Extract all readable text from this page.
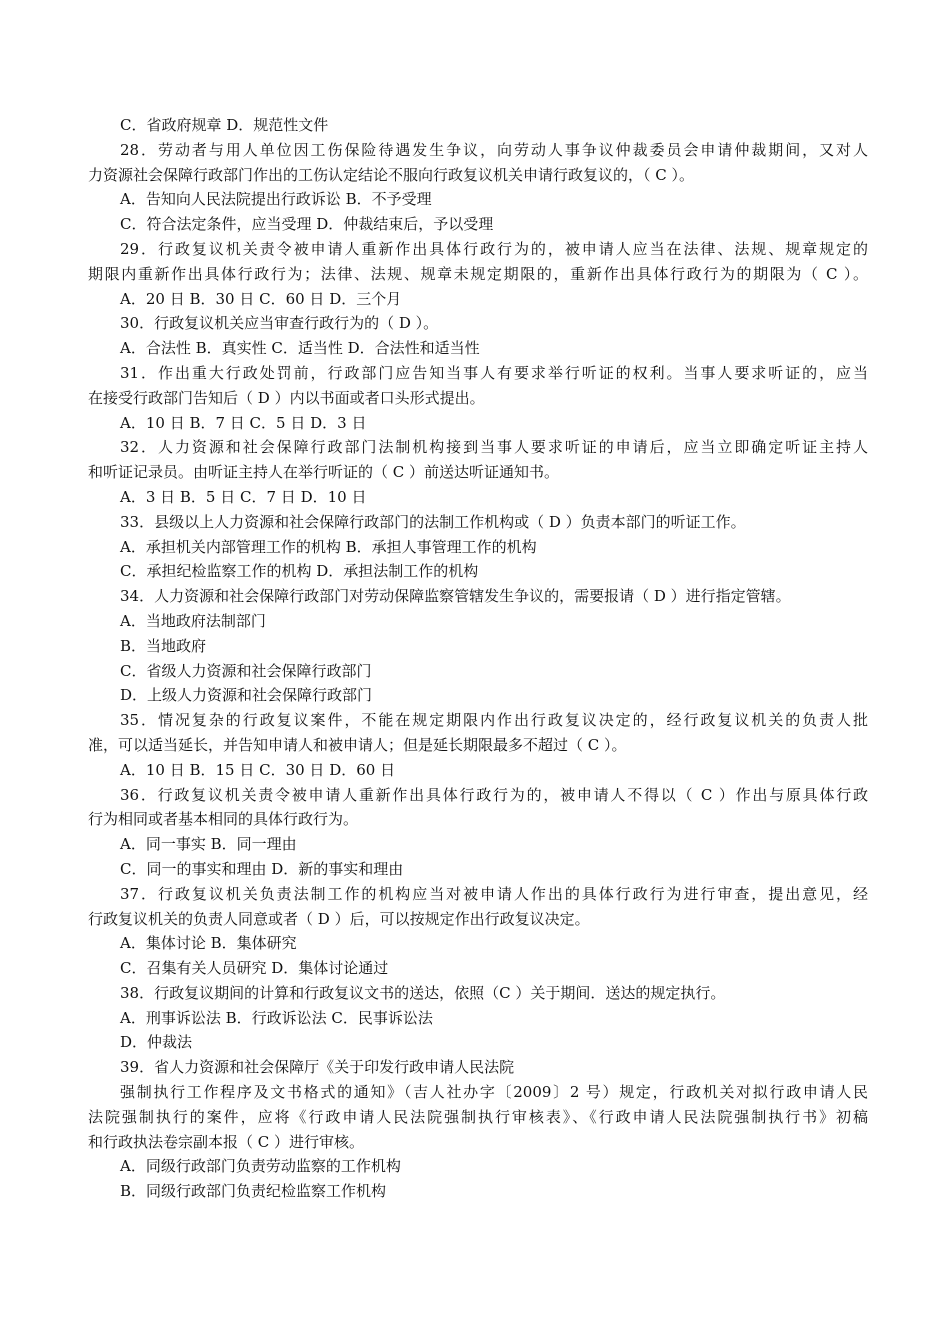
C．省政府规章 D．规范性文件
28．劳动者与用人单位因工伤保险待遇发生争议，向劳动人事争议仲裁委员会申请仲裁期间，又对人
力资源社会保障行政部门作出的工伤认定结论不服向行政复议机关申请行政复议的，（ C ）。
A．告知向人民法院提出行政诉讼 B．不予受理
C．符合法定条件，应当受理 D．仲裁结束后，予以受理
29．行政复议机关责令被申请人重新作出具体行政行为的，被申请人应当在法律、法规、规章规定的
期限内重新作出具体行政行为；法律、法规、规章未规定期限的，重新作出具体行政行为的期限为（ C ）。
A．20 日 B．30 日 C．60 日 D．三个月
30．行政复议机关应当审查行政行为的（ D ）。
A．合法性 B．真实性 C．适当性 D．合法性和适当性
31．作出重大行政处罚前，行政部门应告知当事人有要求举行听证的权利。当事人要求听证的，应当
在接受行政部门告知后（ D ）内以书面或者口头形式提出。
A．10 日 B．7 日 C．5 日 D．3 日
32．人力资源和社会保障行政部门法制机构接到当事人要求听证的申请后，应当立即确定听证主持人
和听证记录员。由听证主持人在举行听证的（ C ）前送达听证通知书。
A．3 日 B．5 日 C．7 日 D．10 日
33．县级以上人力资源和社会保障行政部门的法制工作机构或（ D ）负责本部门的听证工作。
A．承担机关内部管理工作的机构 B．承担人事管理工作的机构
C．承担纪检监察工作的机构 D．承担法制工作的机构
34．人力资源和社会保障行政部门对劳动保障监察管辖发生争议的，需要报请（ D ）进行指定管辖。
A．当地政府法制部门
B．当地政府
C．省级人力资源和社会保障行政部门
D．上级人力资源和社会保障行政部门
35．情况复杂的行政复议案件，不能在规定期限内作出行政复议决定的，经行政复议机关的负责人批
准，可以适当延长，并告知申请人和被申请人；但是延长期限最多不超过（ C ）。
A．10 日 B．15 日 C．30 日 D．60 日
36．行政复议机关责令被申请人重新作出具体行政行为的，被申请人不得以（ C ）作出与原具体行政
行为相同或者基本相同的具体行政行为。
A．同一事实 B．同一理由
C．同一的事实和理由 D．新的事实和理由
37．行政复议机关负责法制工作的机构应当对被申请人作出的具体行政行为进行审查，提出意见，经
行政复议机关的负责人同意或者（ D ）后，可以按规定作出行政复议决定。
A．集体讨论 B．集体研究
C．召集有关人员研究 D．集体讨论通过
38．行政复议期间的计算和行政复议文书的送达，依照（C ）关于期间．送达的规定执行。
A．刑事诉讼法 B．行政诉讼法 C．民事诉讼法
D．仲裁法
39．省人力资源和社会保障厅《关于印发行政申请人民法院
强制执行工作程序及文书格式的通知》（吉人社办字〔2009〕2 号）规定，行政机关对拟行政申请人民
法院强制执行的案件，应将《行政申请人民法院强制执行审核表》、《行政申请人民法院强制执行书》初稿
和行政执法卷宗副本报（ C ）进行审核。
A．同级行政部门负责劳动监察的工作机构
B．同级行政部门负责纪检监察工作机构
